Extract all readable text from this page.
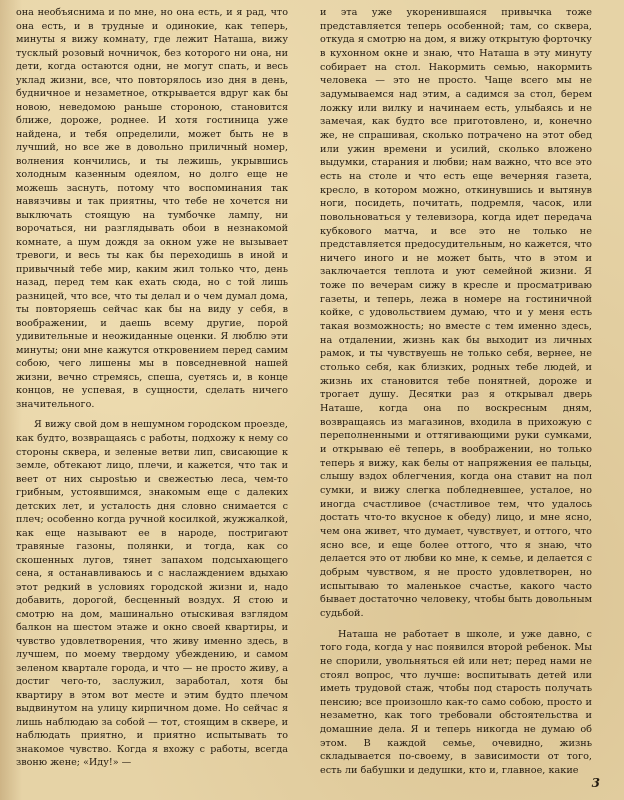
она необъяснима и по мне, но она есть, и я рад, что она есть, и в трудные и одинокие, как теперь, минуты я вижу комнату, где лежит Наташа, вижу тусклый розовый ночничок, без которого ни она, ни дети, когда остаются одни, не могут спать, и весь уклад жизни, все, что повторялось изо дня в день, будничное и незаметное, открывается вдруг как бы новою, неведомою раньше стороною, становится ближе, дороже, роднее. И хотя гостиница уже найдена, и тебя определили, может быть не в лучший, но все же в довольно приличный номер, волнения кончились, и ты лежишь, укрывшись холодным казенным одеялом, но долго еще не можешь заснуть, потому что воспоминания так навязчивы и так приятны, что тебе не хочется ни выключать стоящую на тумбочке лампу, ни ворочаться, ни разглядывать обои в незнакомой комнате, а шум дождя за окном уже не вызывает тревоги, и весь ты как бы переходишь в иной и привычный тебе мир, каким жил только что, день назад, перед тем как ехать сюда, но с той лишь разницей, что все, что ты делал и о чем думал дома, ты повторяешь сейчас как бы на виду у себя, в воображении, и даешь всему другие, порой удивительные и неожиданные оценки. Я люблю эти минуты; они мне кажутся откровением перед самим собою, чего лишены мы в повседневной нашей жизни, вечно стремясь, спеша, суетясь и, в конце концов, не успевая, в сущности, сделать ничего значительного.

Я вижу свой дом в нешумном городском проезде, как будто, возвращаясь с работы, подхожу к нему со стороны сквера, и зеленые ветви лип, свисающие к земле, обтекают лицо, плечи, и кажется, что так и веет от них сырostью и свежестью леса, чем-то грибным, устоявшимся, знакомым еще с далеких детских лет, и усталость дня словно снимается с плеч; особенно когда ручной косилкой, жужжалкой, как еще называют ее в народе, постригают травяные газоны, полянки, и тогда, как со скошенных лугов, тянет запахом подсыхающего сена, я останавливаюсь и с наслаждением вдыхаю этот редкий в условиях городской жизни и, надо добавить, дорогой, бесценный воздух. Я стою и смотрю на дом, машинально отыскивая взглядом балкон на шестом этаже и окно своей квартиры, и чувство удовлетворения, что живу именно здесь, в лучшем, по моему твердому убеждению, и самом зеленом квартале города, и что — не просто живу, а достиг чего-то, заслужил, заработал, хотя бы квартиру в этом вот месте и этим будто плечом выдвинутом на улицу кирпичном доме. Но сейчас я лишь наблюдаю за собой — тот, стоящим в сквере, и наблюдать приятно, и приятно испытывать то знакомое чувство. Когда я вхожу с работы, всегда звоню жене; «Иду!» —

и эта уже укоренившаяся привычка тоже представляется теперь особенной; там, со сквера, откуда я смотрю на дом, я вижу открытую форточку в кухонном окне и знаю, что Наташа в эту минуту собирает на стол. Накормить семью, накормить человека — это не просто. Чаще всего мы не задумываемся над этим, а садимся за стол, берем ложку или вилку и начинаем есть, улыбаясь и не замечая, как будто все приготовлено, и, конечно же, не спрашивая, сколько потрачено на этот обед или ужин времени и усилий, сколько вложено выдумки, старания и любви; нам важно, что все это есть на столе и что есть еще вечерняя газета, кресло, в котором можно, откинувшись и вытянув ноги, посидеть, почитать, подремля, часок, или повольноваться у телевизора, когда идет передача кубкового матча, и все это не только не представляется предосудительным, но кажется, что ничего иного и не может быть, что в этом и заключается теплота и уют семейной жизни. Я тоже по вечерам сижу в кресле и просматриваю газеты, и теперь, лежа в номере на гостиничной койке, с удовольствием думаю, что и у меня есть такая возможность; но вместе с тем именно здесь, на отдалении, жизнь как бы выходит из личных рамок, и ты чувствуешь не только себя, вернее, не столько себя, как близких, родных тебе людей, и жизнь их становится тебе понятней, дороже и трогает душу. Десятки раз я открывал дверь Наташе, когда она по воскресным дням, возвращаясь из магазинов, входила в прихожую с переполненными и оттягивающими руки сумками, и открываю её теперь, в воображении, но только теперь я вижу, как белы от напряжения ее пальцы, слышу вздох облегчения, когда она ставит на пол сумки, и вижу слегка побледневшее, усталое, но иногда счастливое (счастливое тем, что удалось достать что-то вкусное к обеду) лицо, и мне ясно, чем она живет, что думает, чувствует, и оттого, что ясно все, и еще более оттого, что я знаю, что делается это от любви ко мне, к семье, и делается с добрым чувством, я не просто удовлетворен, но испытываю то маленькое счастье, какого часто бывает достаточно человеку, чтобы быть довольным судьбой.

Наташа не работает в школе, и уже давно, с того года, когда у нас появился второй ребенок. Мы не спорили, увольняться ей или нет; перед нами не стоял вопрос, что лучше: воспитывать детей или иметь трудовой стаж, чтобы под старость получать пенсию; все произошло как-то само собою, просто и незаметно, как того требовали обстоятельства и домашние дела. Я и теперь никогда не думаю об этом. В каждой семье, очевидно, жизнь складывается по-своему, в зависимости от того, есть ли бабушки и дедушки, кто и, главное, какие

3
